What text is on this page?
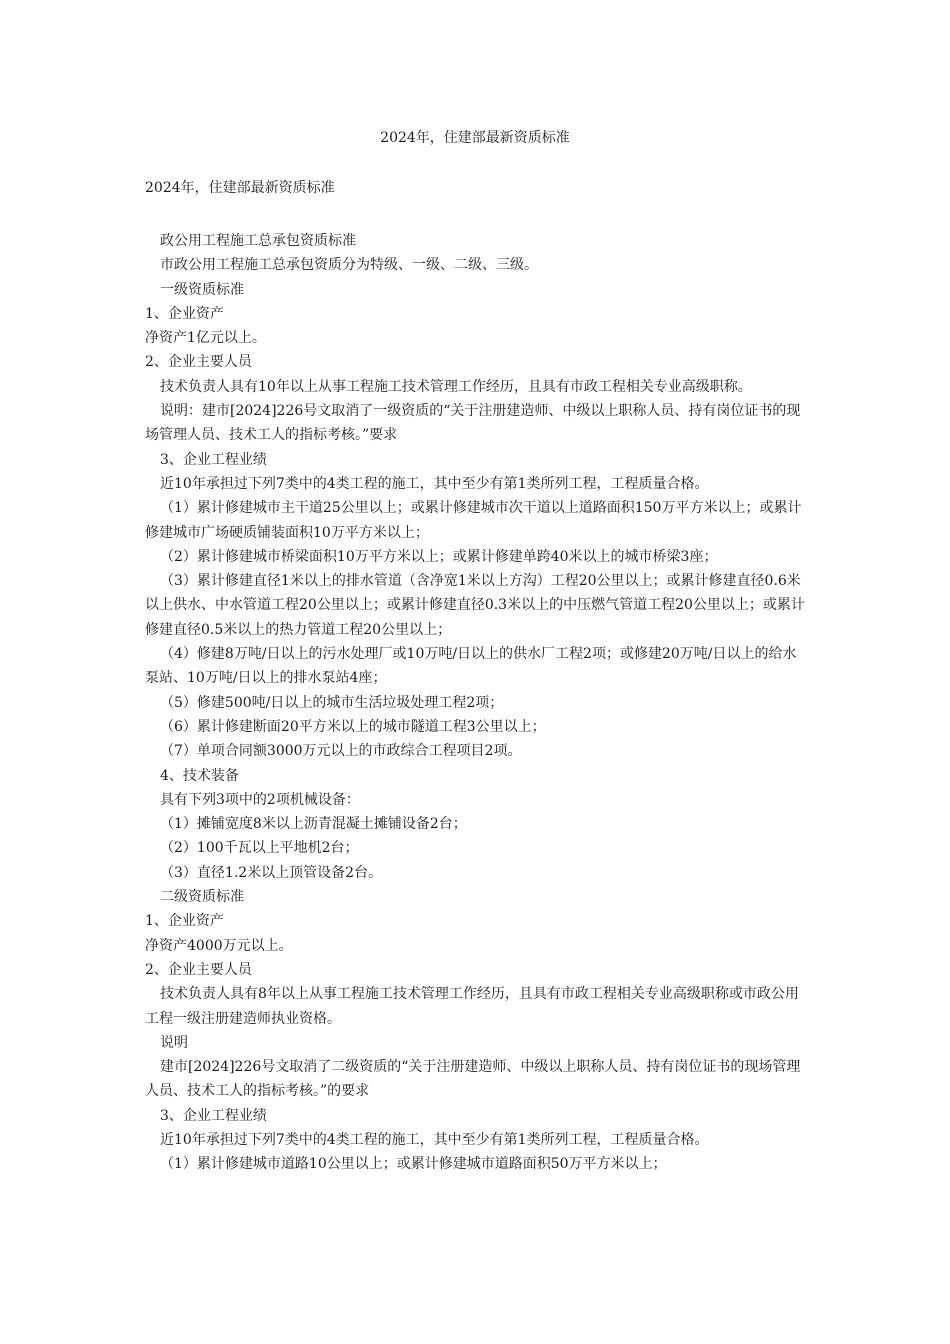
2024年，住建部最新资质标准
2024年，住建部最新资质标准

政公用工程施工总承包资质标准

市政公用工程施工总承包资质分为特级、一级、二级、三级。

一级资质标准

1、企业资产

净资产1亿元以上。

2、企业主要人员

技术负责人具有10年以上从事工程施工技术管理工作经历，且具有市政工程相关专业高级职称。

说明：建市[2024]226号文取消了一级资质的“关于注册建造师、中级以上职称人员、持有岗位证书的现场管理人员、技术工人的指标考核。”要求

3、企业工程业绩

近10年承担过下列7类中的4类工程的施工，其中至少有第1类所列工程，工程质量合格。

（1）累计修建城市主干道25公里以上；或累计修建城市次干道以上道路面积150万平方米以上；或累计修建城市广场硬质铺装面积10万平方米以上；

（2）累计修建城市桥梁面积10万平方米以上；或累计修建单跨40米以上的城市桥梁3座；

（3）累计修建直径1米以上的排水管道（含净宽1米以上方沟）工程20公里以上；或累计修建直径0.6米以上供水、中水管道工程20公里以上；或累计修建直径0.3米以上的中压燃气管道工程20公里以上；或累计修建直径0.5米以上的热力管道工程20公里以上；

（4）修建8万吨/日以上的污水处理厂或10万吨/日以上的供水厂工程2项；或修建20万吨/日以上的给水泵站、10万吨/日以上的排水泵站4座；

（5）修建500吨/日以上的城市生活垃圾处理工程2项；

（6）累计修建断面20平方米以上的城市隧道工程3公里以上；

（7）单项合同额3000万元以上的市政综合工程项目2项。

4、技术装备

具有下列3项中的2项机械设备：

（1）摊铺宽度8米以上沥青混凝土摊铺设备2台；

（2）100千瓦以上平地机2台；

（3）直径1.2米以上顶管设备2台。

二级资质标准

1、企业资产

净资产4000万元以上。

2、企业主要人员

技术负责人具有8年以上从事工程施工技术管理工作经历，且具有市政工程相关专业高级职称或市政公用工程一级注册建造师执业资格。

说明

建市[2024]226号文取消了二级资质的“关于注册建造师、中级以上职称人员、持有岗位证书的现场管理人员、技术工人的指标考核。”的要求

3、企业工程业绩

近10年承担过下列7类中的4类工程的施工，其中至少有第1类所列工程，工程质量合格。

（1）累计修建城市道路10公里以上；或累计修建城市道路面积50万平方米以上；
